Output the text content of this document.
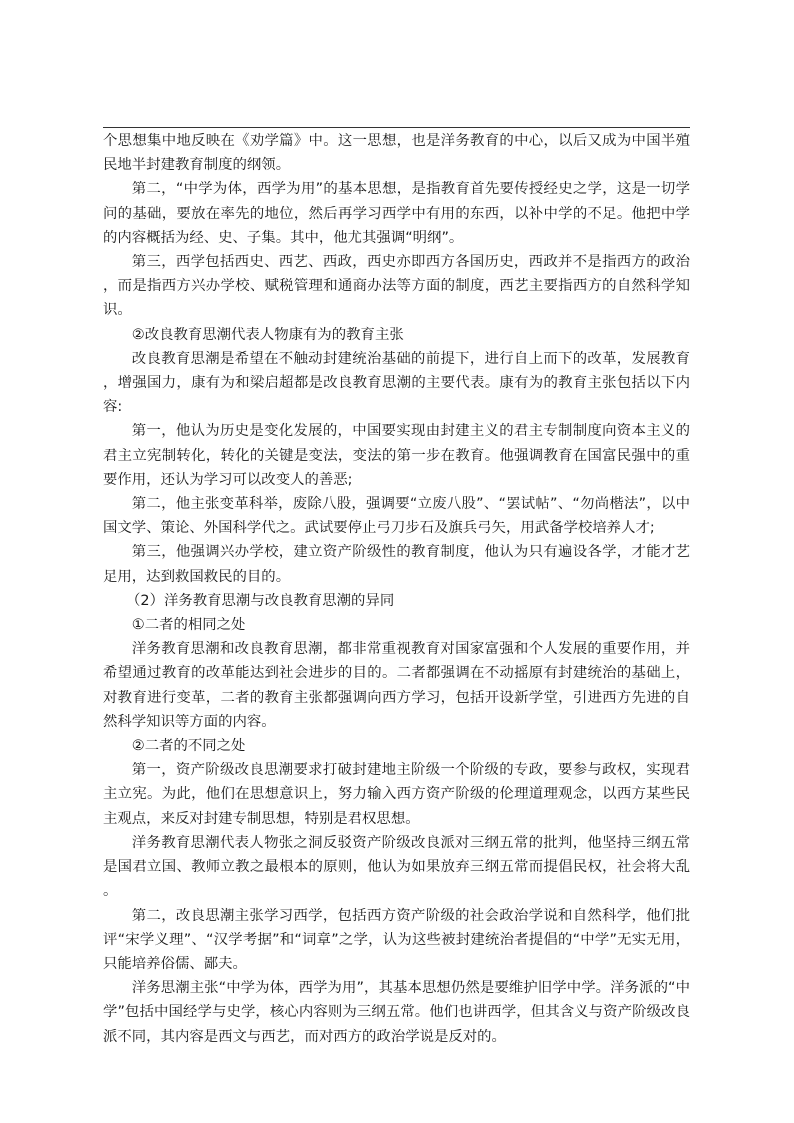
个思想集中地反映在《劝学篇》中。这一思想，也是洋务教育的中心，以后又成为中国半殖民地半封建教育制度的纲领。

第二，“中学为体，西学为用”的基本思想，是指教育首先要传授经史之学，这是一切学问的基础，要放在率先的地位，然后再学习西学中有用的东西，以补中学的不足。他把中学的内容概括为经、史、子集。其中，他尤其强调“明纲”。

第三，西学包括西史、西艺、西政，西史亦即西方各国历史，西政并不是指西方的政治，而是指西方兴办学校、赋税管理和通商办法等方面的制度，西艺主要指西方的自然科学知识。

②改良教育思潮代表人物康有为的教育主张

改良教育思潮是希望在不触动封建统治基础的前提下，进行自上而下的改革，发展教育，增强国力，康有为和梁启超都是改良教育思潮的主要代表。康有为的教育主张包括以下内容:

第一，他认为历史是变化发展的，中国要实现由封建主义的君主专制制度向资本主义的君主立宪制转化，转化的关键是变法，变法的第一步在教育。他强调教育在国富民强中的重要作用，还认为学习可以改变人的善恶;

第二，他主张变革科举，废除八股，强调要“立废八股”、“罢试帖”、“勿尚楷法”，以中国文学、策论、外国科学代之。武试要停止弓刀步石及旗兵弓矢，用武备学校培养人才;

第三，他强调兴办学校，建立资产阶级性的教育制度，他认为只有遍设各学，才能才艺足用，达到救国救民的目的。

（2）洋务教育思潮与改良教育思潮的异同

①二者的相同之处

洋务教育思潮和改良教育思潮，都非常重视教育对国家富强和个人发展的重要作用，并希望通过教育的改革能达到社会进步的目的。二者都强调在不动摇原有封建统治的基础上，对教育进行变革，二者的教育主张都强调向西方学习，包括开设新学堂，引进西方先进的自然科学知识等方面的内容。

②二者的不同之处

第一，资产阶级改良思潮要求打破封建地主阶级一个阶级的专政，要参与政权，实现君主立宪。为此，他们在思想意识上，努力输入西方资产阶级的伦理道理观念，以西方某些民主观点，来反对封建专制思想，特别是君权思想。

洋务教育思潮代表人物张之洞反驳资产阶级改良派对三纲五常的批判，他坚持三纲五常是国君立国、教师立教之最根本的原则，他认为如果放弃三纲五常而提倡民权，社会将大乱。

第二，改良思潮主张学习西学，包括西方资产阶级的社会政治学说和自然科学，他们批评“宋学义理”、“汉学考据”和“词章”之学，认为这些被封建统治者提倡的“中学”无实无用，只能培养俗儒、鄙夫。

洋务思潮主张“中学为体，西学为用”，其基本思想仍然是要维护旧学中学。洋务派的“中学”包括中国经学与史学，核心内容则为三纲五常。他们也讲西学，但其含义与资产阶级改良派不同，其内容是西文与西艺，而对西方的政治学说是反对的。
